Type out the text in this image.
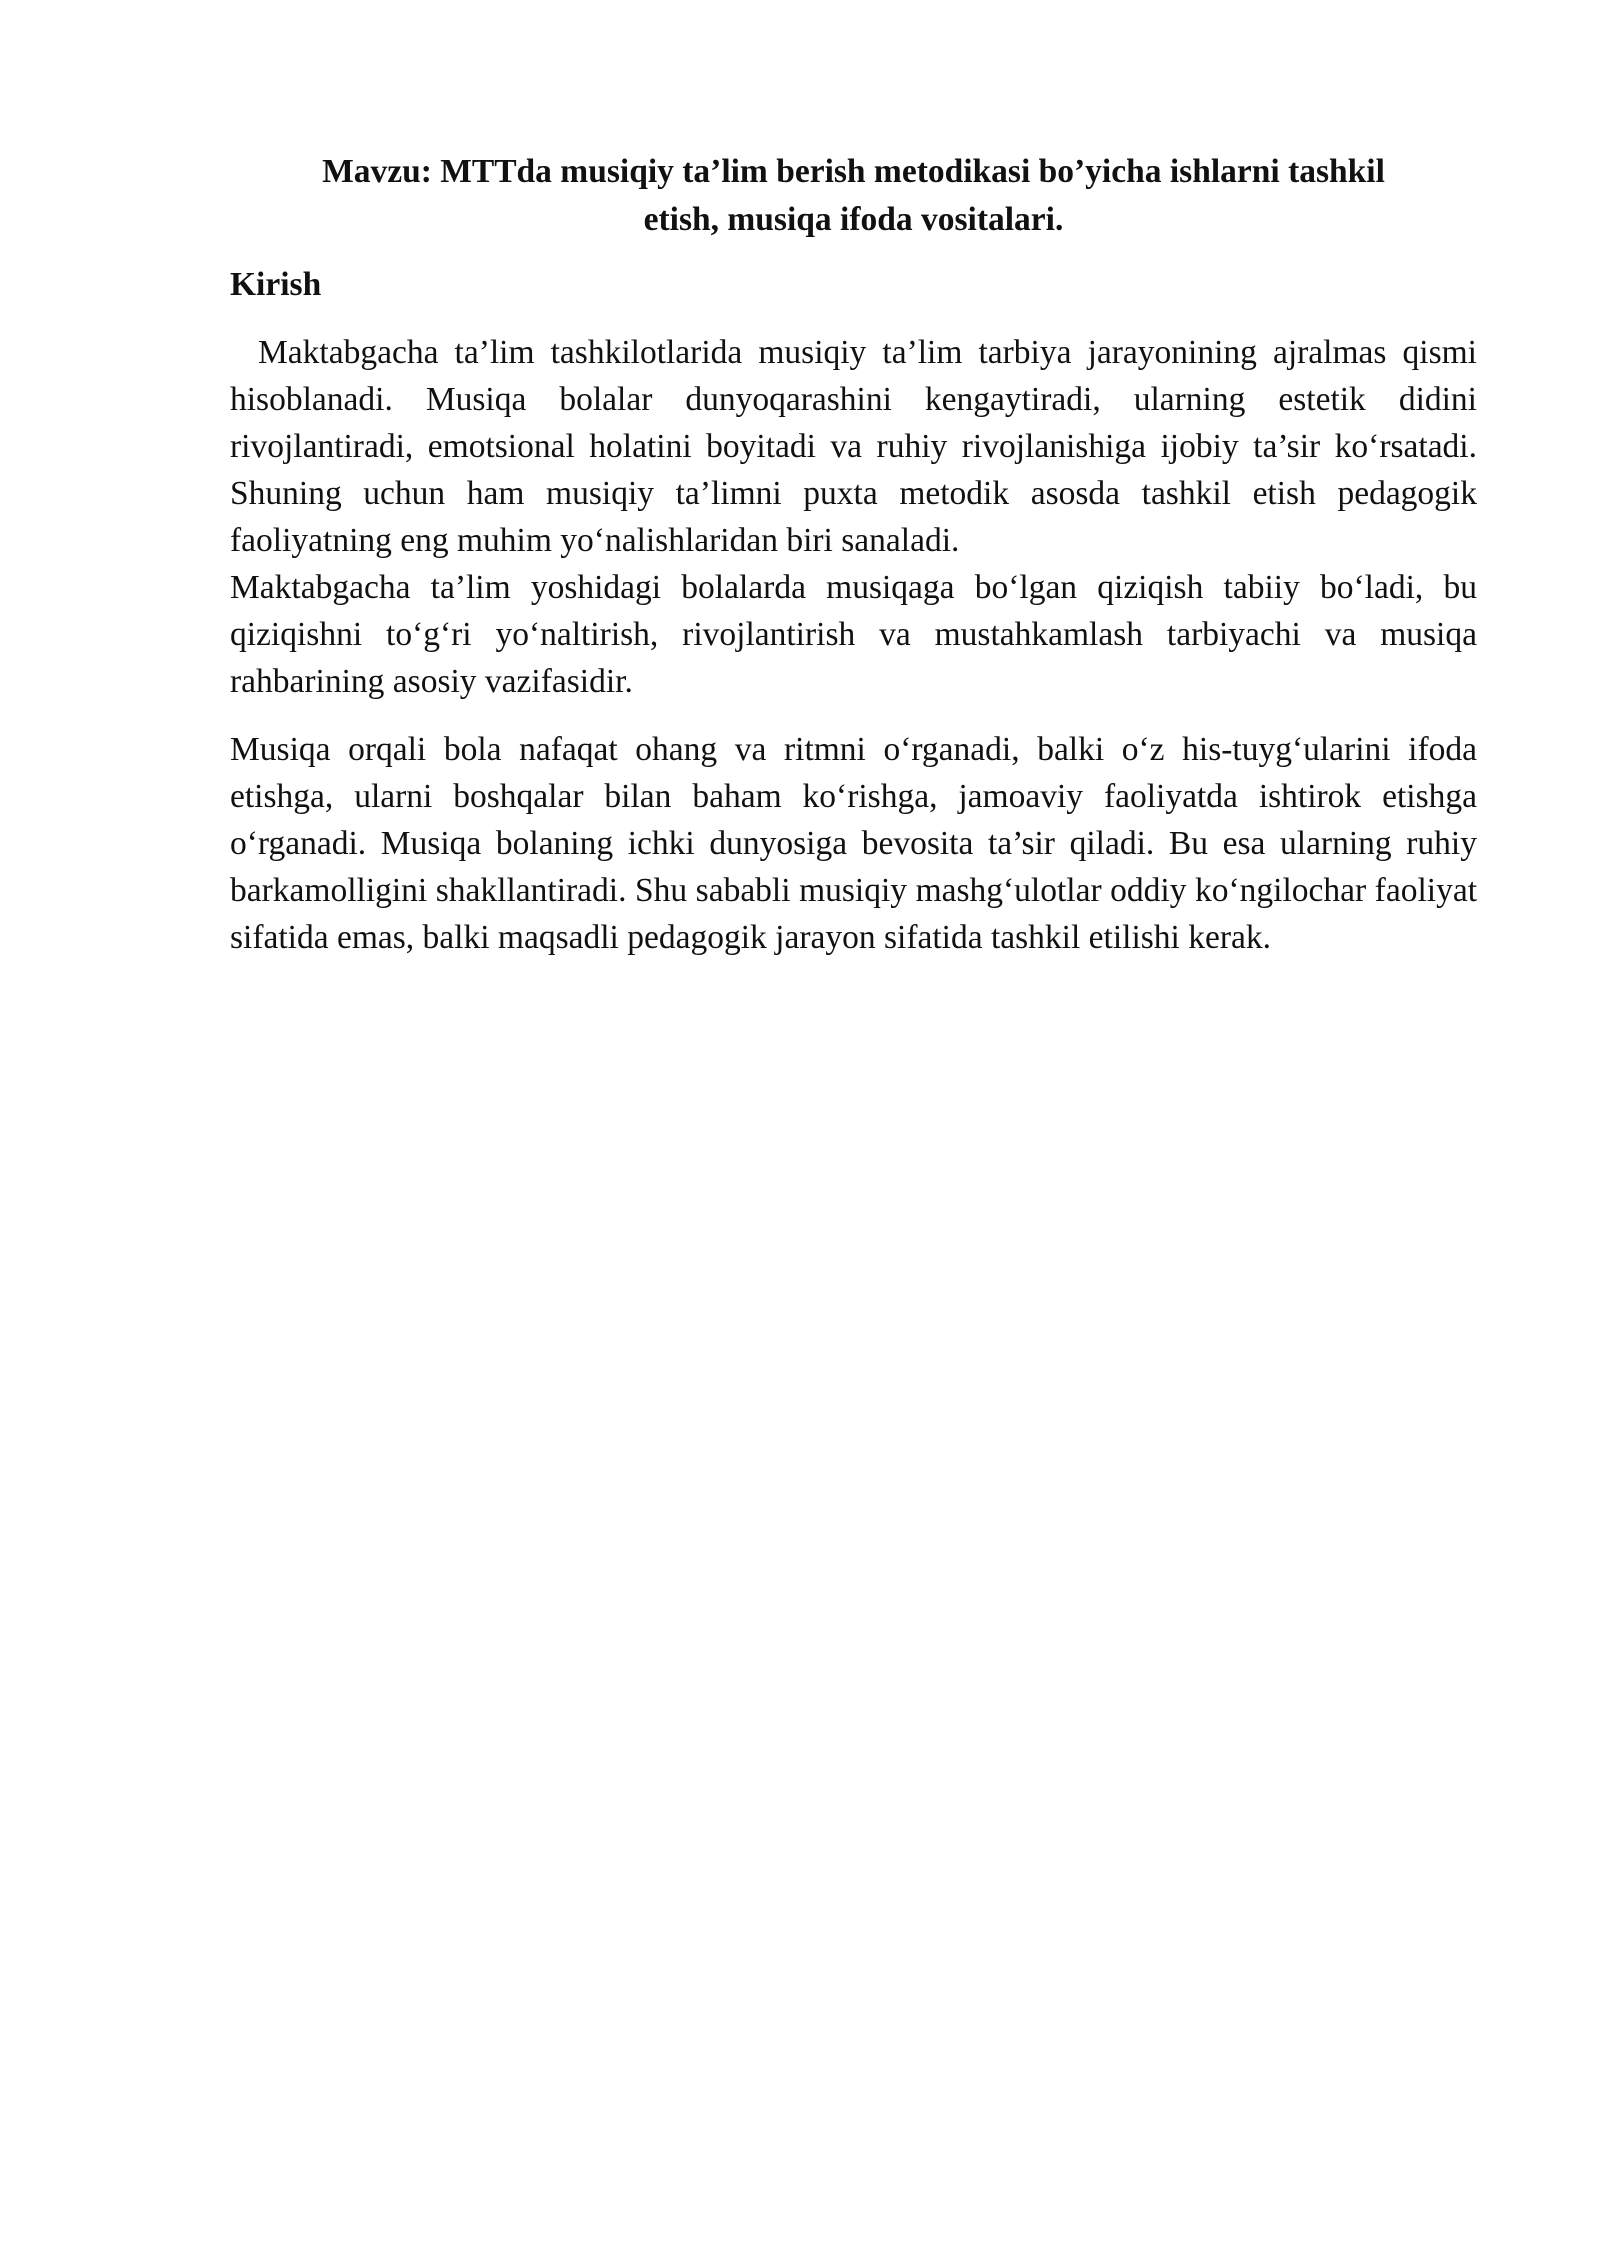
Mavzu: MTTda musiqiy ta’lim berish metodikasi bo’yicha ishlarni tashkil
etish, musiqa ifoda vositalari.
Kirish

Maktabgacha ta’lim tashkilotlarida musiqiy ta’lim tarbiya jarayonining ajralmas qismi hisoblanadi. Musiqa bolalar dunyoqarashini kengaytiradi, ularning estetik didini rivojlantiradi, emotsional holatini boyitadi va ruhiy rivojlanishiga ijobiy ta’sir ko‘rsatadi. Shuning uchun ham musiqiy ta’limni puxta metodik asosda tashkil etish pedagogik faoliyatning eng muhim yo‘nalishlaridan biri sanaladi.
Maktabgacha ta’lim yoshidagi bolalarda musiqaga bo‘lgan qiziqish tabiiy bo‘ladi, bu qiziqishni to‘g‘ri yo‘naltirish, rivojlantirish va mustahkamlash tarbiyachi va musiqa rahbarining asosiy vazifasidir.

Musiqa orqali bola nafaqat ohang va ritmni o‘rganadi, balki o‘z his-tuyg‘ularini ifoda etishga, ularni boshqalar bilan baham ko‘rishga, jamoaviy faoliyatda ishtirok etishga o‘rganadi. Musiqa bolaning ichki dunyosiga bevosita ta’sir qiladi. Bu esa ularning ruhiy barkamolligini shakllantiradi. Shu sababli musiqiy mashg‘ulotlar oddiy ko‘ngilochar faoliyat sifatida emas, balki maqsadli pedagogik jarayon sifatida tashkil etilishi kerak.
